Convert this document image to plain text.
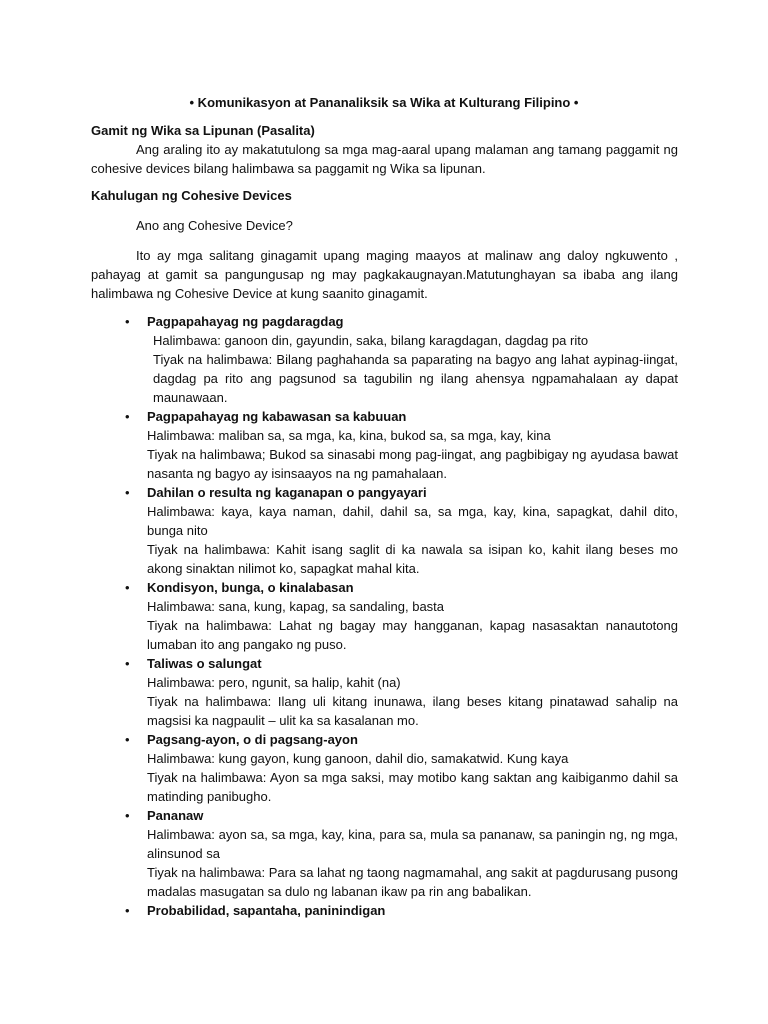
• Komunikasyon at Pananaliksik sa Wika at Kulturang Filipino •

Gamit ng Wika sa Lipunan (Pasalita)

Ang araling ito ay makatutulong sa mga mag-aaral upang malaman ang tamang paggamit ng cohesive devices bilang halimbawa sa paggamit ng Wika sa lipunan.

Kahulugan ng Cohesive Devices

Ano ang Cohesive Device?

Ito ay mga salitang ginagamit upang maging maayos at malinaw ang daloy ngkuwento , pahayag at gamit sa pangungusap ng may pagkakaugnayan.Matutunghayan sa ibaba ang ilang halimbawa ng Cohesive Device at kung saanito ginagamit.

• Pagpapahayag ng pagdaragdag

Halimbawa: ganoon din, gayundin, saka, bilang karagdagan, dagdag pa rito

Tiyak na halimbawa: Bilang paghahanda sa paparating na bagyo ang lahat aypinag-iingat, dagdag pa rito ang pagsunod sa tagubilin ng ilang ahensya ngpamahalaan ay dapat maunawaan.

• Pagpapahayag ng kabawasan sa kabuuan

Halimbawa: maliban sa, sa mga, ka, kina, bukod sa, sa mga, kay, kina

Tiyak na halimbawa; Bukod sa sinasabi mong pag-iingat, ang pagbibigay ng ayudasa bawat nasanta ng bagyo ay isinsaayos na ng pamahalaan.

• Dahilan o resulta ng kaganapan o pangyayari

Halimbawa: kaya, kaya naman, dahil, dahil sa, sa mga, kay, kina, sapagkat, dahil dito, bunga nito

Tiyak na halimbawa: Kahit isang saglit di ka nawala sa isipan ko, kahit ilang beses mo akong sinaktan nilimot ko, sapagkat mahal kita.

• Kondisyon, bunga, o kinalabasan

Halimbawa: sana, kung, kapag, sa sandaling, basta

Tiyak na halimbawa: Lahat ng bagay may hangganan, kapag nasasaktan nanautotong lumaban ito ang pangako ng puso.

• Taliwas o salungat

Halimbawa: pero, ngunit, sa halip, kahit (na)

Tiyak na halimbawa: Ilang uli kitang inunawa, ilang beses kitang pinatawad sahalip na magsisi ka nagpaulit – ulit ka sa kasalanan mo.

• Pagsang-ayon, o di pagsang-ayon

Halimbawa: kung gayon, kung ganoon, dahil dio, samakatwid. Kung kaya

Tiyak na halimbawa: Ayon sa mga saksi, may motibo kang saktan ang kaibiganmo dahil sa matinding panibugho.

• Pananaw

Halimbawa: ayon sa, sa mga, kay, kina, para sa, mula sa pananaw, sa paningin ng, ng mga, alinsunod sa

Tiyak na halimbawa: Para sa lahat ng taong nagmamahal, ang sakit at pagdurusang pusong madalas masugatan sa dulo ng labanan ikaw pa rin ang babalikan.

• Probabilidad, sapantaha, paninindigan
